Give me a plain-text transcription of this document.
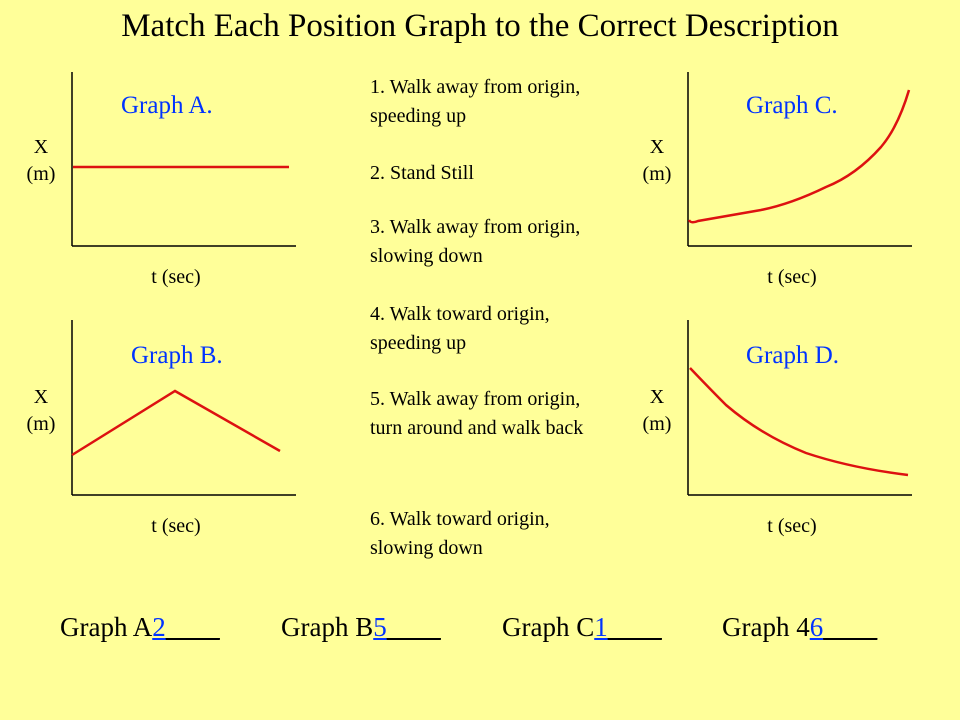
Match Each Position Graph to the Correct Description
Graph A.
X
(m)
t (sec)
Graph B.
X
(m)
t (sec)
Graph C.
X
(m)
t (sec)
Graph D.
X
(m)
t (sec)
1. Walk away from origin, speeding up
2. Stand Still
3. Walk away from origin, slowing down
4. Walk toward origin, speeding up
5. Walk away from origin, turn around and walk back
6. Walk toward origin, slowing down
Graph A2____ Graph B5____ Graph C1____ Graph 46____
